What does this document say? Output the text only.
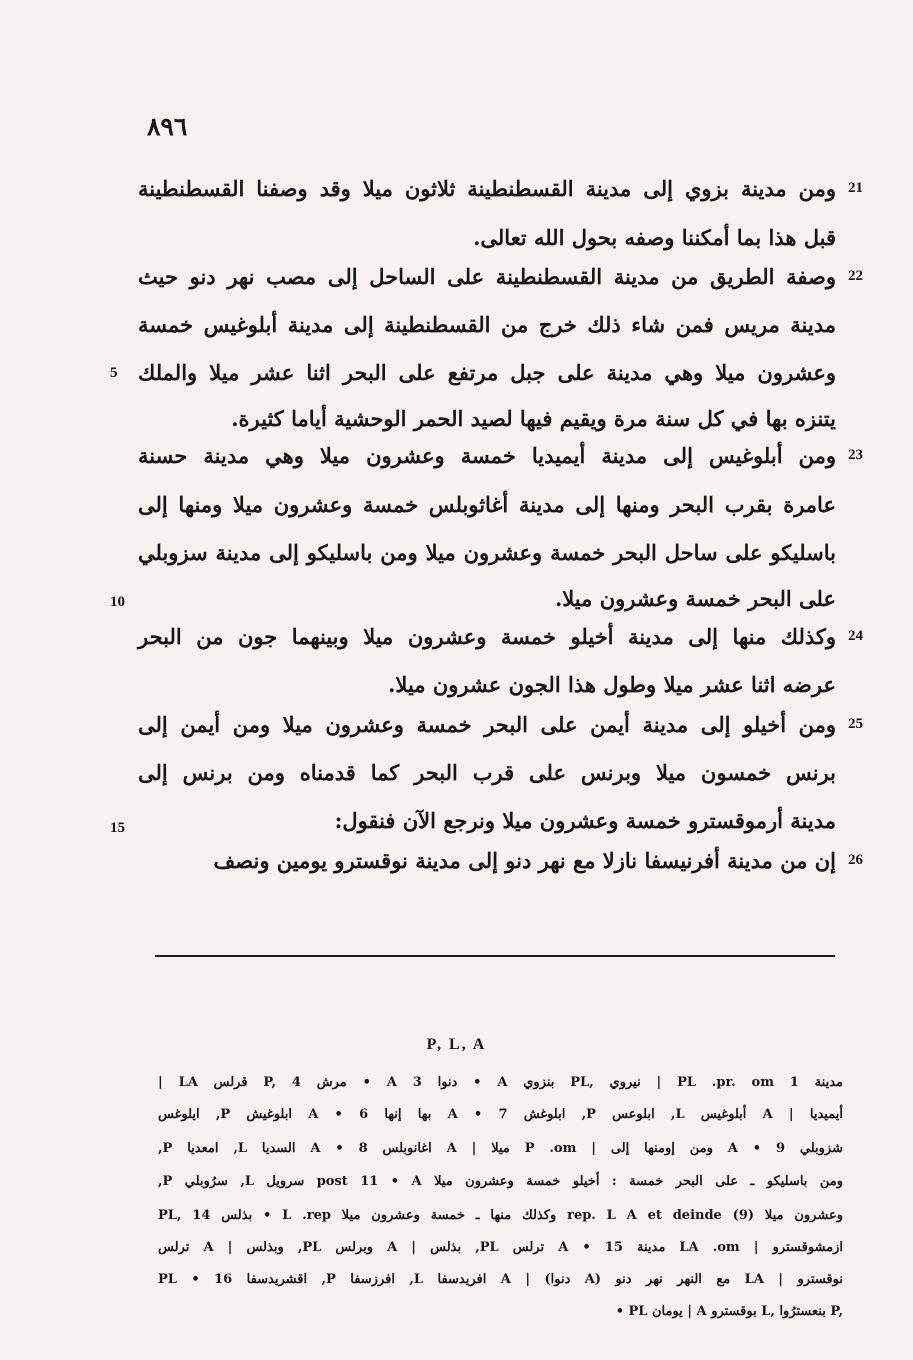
٨٩٦
21
ومن مدينة بزوي إلى مدينة القسطنطينة ثلاثون ميلا وقد وصفنا القسطنطينة
قبل هذا بما أمكننا وصفه بحول الله تعالى.
22
وصفة الطريق من مدينة القسطنطينة على الساحل إلى مصب نهر دنو حيث
مدينة مريس فمن شاء ذلك خرج من القسطنطينة إلى مدينة أبلوغيس خمسة
وعشرون ميلا وهي مدينة على جبل مرتفع على البحر اثنا عشر ميلا والملك
يتنزه بها في كل سنة مرة ويقيم فيها لصيد الحمر الوحشية أياما كثيرة.
23
ومن أبلوغيس إلى مدينة أيميديا خمسة وعشرون ميلا وهي مدينة حسنة
عامرة بقرب البحر ومنها إلى مدينة أغاثوبلس خمسة وعشرون ميلا ومنها إلى
باسليكو على ساحل البحر خمسة وعشرون ميلا ومن باسليكو إلى مدينة سزوبلي
على البحر خمسة وعشرون ميلا.
24
وكذلك منها إلى مدينة أخيلو خمسة وعشرون ميلا وبينهما جون من البحر
عرضه اثنا عشر ميلا وطول هذا الجون عشرون ميلا.
25
ومن أخيلو إلى مدينة أيمن على البحر خمسة وعشرون ميلا ومن أيمن إلى
برنس خمسون ميلا وبرنس على قرب البحر كما قدمناه ومن برنس إلى
مدينة أرموقسترو خمسة وعشرون ميلا ونرجع الآن فنقول:
26
إن من مدينة أفرنيسفا نازلا مع نهر دنو إلى مدينة نوقسترو يومين ونصف
5
10
15
P, L, A
| LA قرلس P, مرش 4 • A دنوا 3 • A بنزوي PL, نيروي | PL .pr. om مدينة 1
أيميديا | A أبلوغيس L, ابلوعس P, ابلوغش 7 • A بها إنها 6 • A ابلوغيش P, ايلوغس
شزوبلي 9 • A ومن إومنها إلى | P .om ميلا | A اغانوبلس 8 • A السديا L, امعديا P,
ومن باسليكو ـ على البحر خمسة : أخيلو خمسة وعشرون ميلا post 11 • A سرويل L, سرُوبلي P,
PL, بذلس 14 • L .rep وكذلك منها ـ خمسة وعشرون ميلا rep. L A et deinde وعشرون ميلا (9)
ازمشوقسترو | LA .om مدينة 15 • A ترلس PL, بذلس | A وبرلس PL, وبذلس | A ترلس
نوقسترو | LA مع النهر نهر دنو (A دنوا) | A افريدسفا L, افرزسفا P, اقشريدسفا 16 • PL
• PL يومان | A بوقسترو L, بنعسترُوا P,
